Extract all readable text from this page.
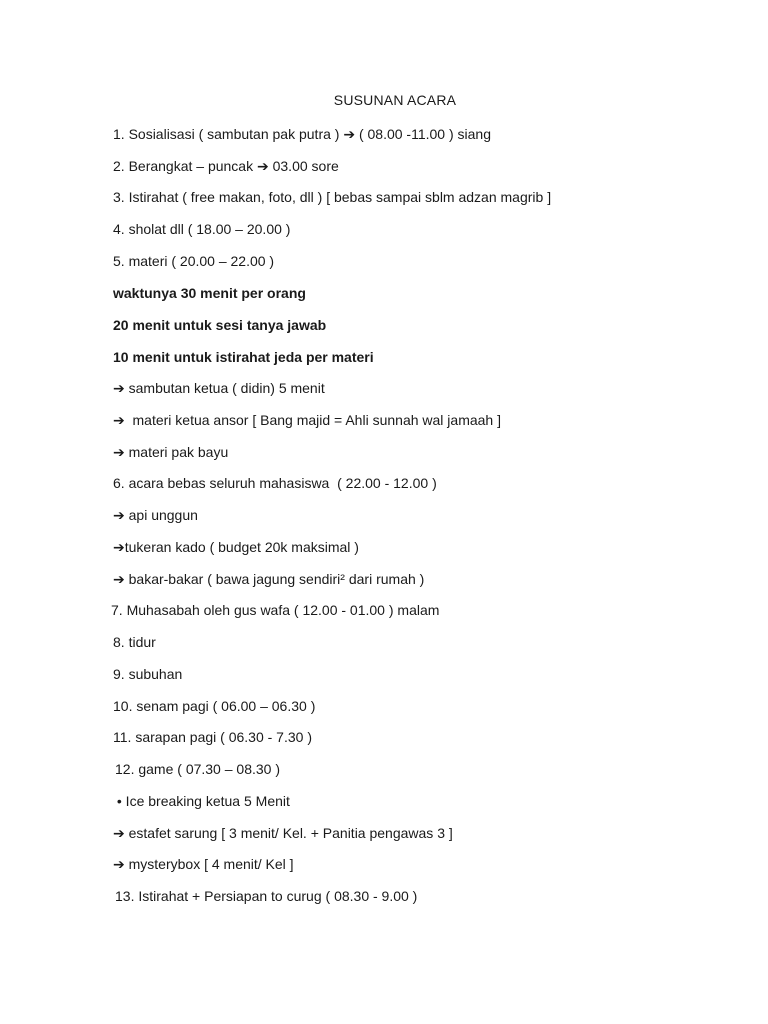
SUSUNAN ACARA
1. Sosialisasi ( sambutan pak putra ) ➔ ( 08.00 -11.00 ) siang
2. Berangkat – puncak ➔ 03.00 sore
3. Istirahat ( free makan, foto, dll ) [ bebas sampai sblm adzan magrib ]
4. sholat dll ( 18.00 – 20.00 )
5. materi ( 20.00 – 22.00 )
waktunya 30 menit per orang
20 menit untuk sesi tanya jawab
10 menit untuk istirahat jeda per materi
➔ sambutan ketua ( didin) 5 menit
➔  materi ketua ansor [ Bang majid = Ahli sunnah wal jamaah ]
➔ materi pak bayu
6. acara bebas seluruh mahasiswa  ( 22.00 - 12.00 )
➔ api unggun
➔tukeran kado ( budget 20k maksimal )
➔ bakar-bakar ( bawa jagung sendiri² dari rumah )
7. Muhasabah oleh gus wafa ( 12.00 - 01.00 ) malam
8. tidur
9. subuhan
10. senam pagi ( 06.00 – 06.30 )
11. sarapan pagi ( 06.30 - 7.30 )
12. game ( 07.30 – 08.30 )
• Ice breaking ketua 5 Menit
➔ estafet sarung [ 3 menit/ Kel. + Panitia pengawas 3 ]
➔ mysterybox [ 4 menit/ Kel ]
13. Istirahat + Persiapan to curug ( 08.30 - 9.00 )
